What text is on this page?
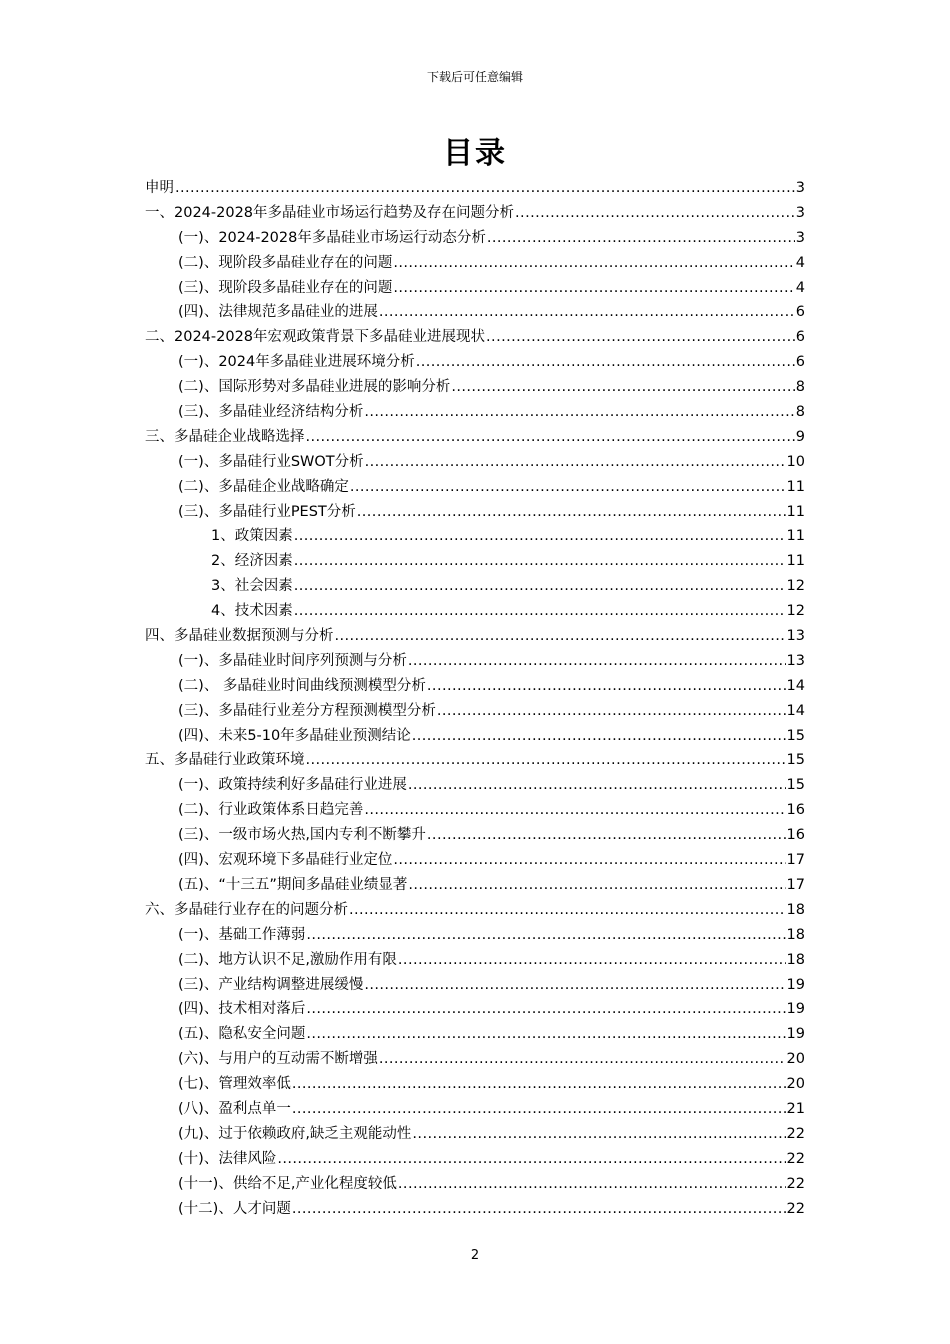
下载后可任意编辑
目录
申明 .....	3
一、2024-2028年多晶硅业市场运行趋势及存在问题分析 .....	3
(一)、2024-2028年多晶硅业市场运行动态分析 .....	3
(二)、现阶段多晶硅业存在的问题 .....	4
(三)、现阶段多晶硅业存在的问题 .....	4
(四)、法律规范多晶硅业的进展 .....	6
二、2024-2028年宏观政策背景下多晶硅业进展现状 .....	6
(一)、2024年多晶硅业进展环境分析 .....	6
(二)、国际形势对多晶硅业进展的影响分析 .....	8
(三)、多晶硅业经济结构分析 .....	8
三、多晶硅企业战略选择 .....	9
(一)、多晶硅行业SWOT分析 .....	10
(二)、多晶硅企业战略确定 .....	11
(三)、多晶硅行业PEST分析 .....	11
1、政策因素 .....	11
2、经济因素 .....	11
3、社会因素 .....	12
4、技术因素 .....	12
四、多晶硅业数据预测与分析 .....	13
(一)、多晶硅业时间序列预测与分析 .....	13
(二)、 多晶硅业时间曲线预测模型分析 .....	14
(三)、多晶硅行业差分方程预测模型分析 .....	14
(四)、未来5-10年多晶硅业预测结论 .....	15
五、多晶硅行业政策环境 .....	15
(一)、政策持续利好多晶硅行业进展 .....	15
(二)、行业政策体系日趋完善 .....	16
(三)、一级市场火热,国内专利不断攀升 .....	16
(四)、宏观环境下多晶硅行业定位 .....	17
(五)、“十三五”期间多晶硅业绩显著 .....	17
六、多晶硅行业存在的问题分析 .....	18
(一)、基础工作薄弱 .....	18
(二)、地方认识不足,激励作用有限 .....	18
(三)、产业结构调整进展缓慢 .....	19
(四)、技术相对落后 .....	19
(五)、隐私安全问题 .....	19
(六)、与用户的互动需不断增强 .....	20
(七)、管理效率低 .....	20
(八)、盈利点单一 .....	21
(九)、过于依赖政府,缺乏主观能动性 .....	22
(十)、法律风险 .....	22
(十一)、供给不足,产业化程度较低 .....	22
(十二)、人才问题 .....	22
2
